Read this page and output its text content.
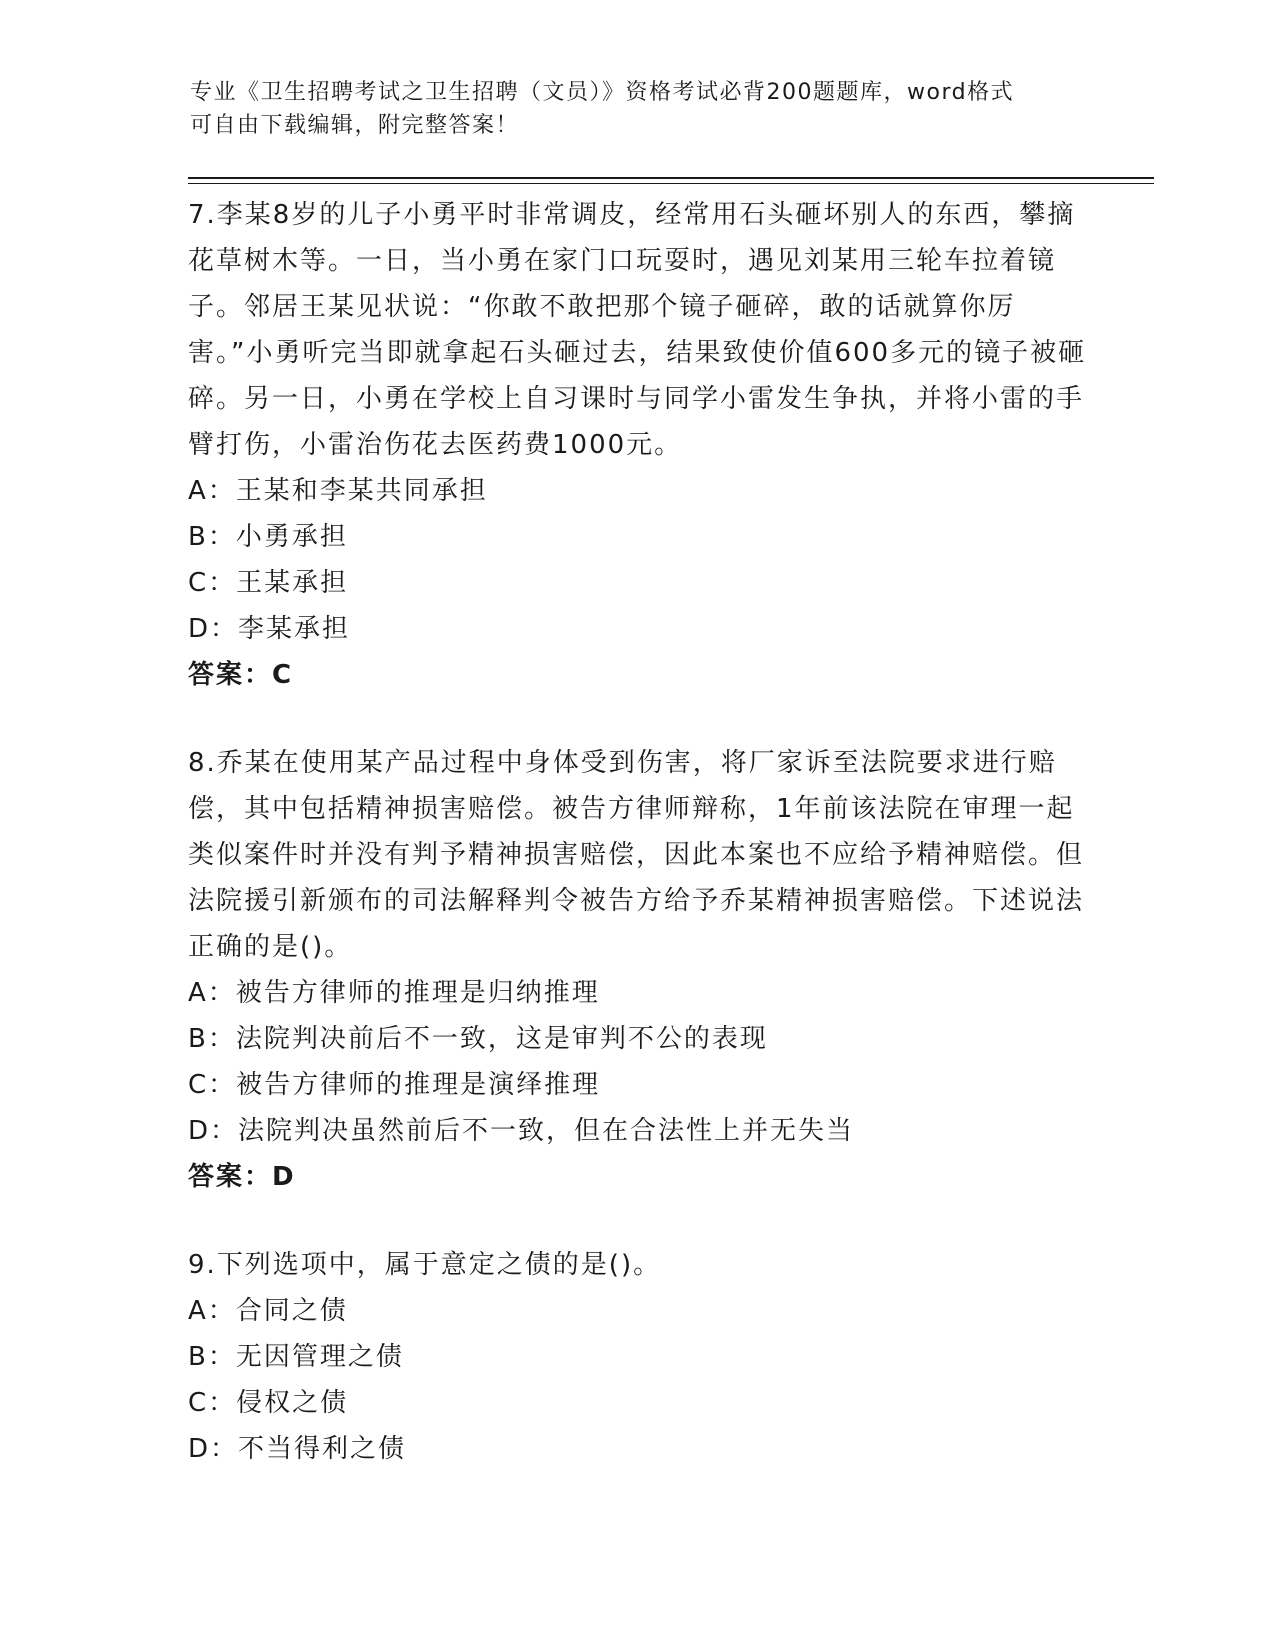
专业《卫生招聘考试之卫生招聘（文员）》资格考试必背200题题库，word格式
可自由下载编辑，附完整答案！

7.李某8岁的儿子小勇平时非常调皮，经常用石头砸坏别人的东西，攀摘花草树木等。一日，当小勇在家门口玩耍时，遇见刘某用三轮车拉着镜子。邻居王某见状说：“你敢不敢把那个镜子砸碎，敢的话就算你厉害。”小勇听完当即就拿起石头砸过去，结果致使价值600多元的镜子被砸碎。另一日，小勇在学校上自习课时与同学小雷发生争执，并将小雷的手臂打伤，小雷治伤花去医药费1000元。

A：王某和李某共同承担

B：小勇承担

C：王某承担

D：李某承担

答案：C

8.乔某在使用某产品过程中身体受到伤害，将厂家诉至法院要求进行赔偿，其中包括精神损害赔偿。被告方律师辩称，1年前该法院在审理一起类似案件时并没有判予精神损害赔偿，因此本案也不应给予精神赔偿。但法院援引新颁布的司法解释判令被告方给予乔某精神损害赔偿。下述说法正确的是()。

A：被告方律师的推理是归纳推理

B：法院判决前后不一致，这是审判不公的表现

C：被告方律师的推理是演绎推理

D：法院判决虽然前后不一致，但在合法性上并无失当

答案：D

9.下列选项中，属于意定之债的是()。

A：合同之债

B：无因管理之债

C：侵权之债

D：不当得利之债
